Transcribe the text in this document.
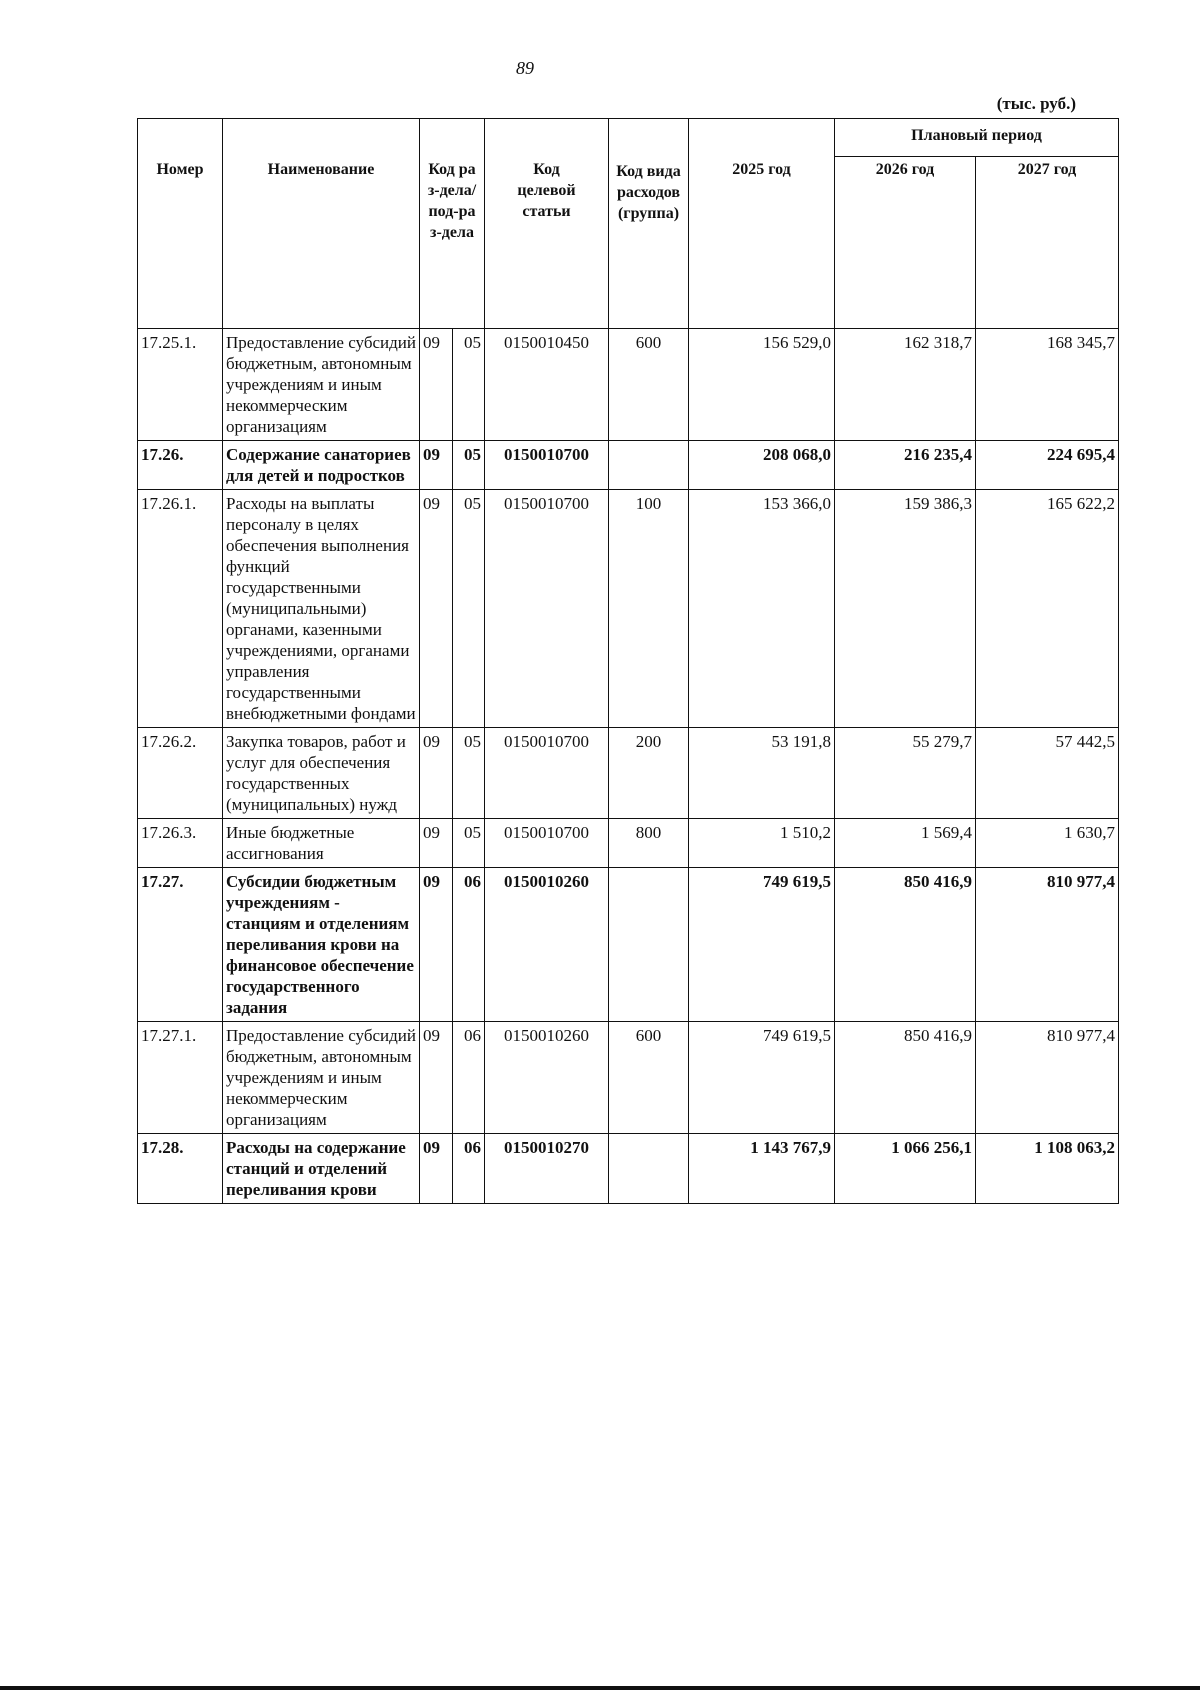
89
(тыс. руб.)
Номер	Наименование	Код раз-дела/ под-раз-дела		Код целевой статьи	Код вида расходов (группа)	2025 год	Плановый период	
							2026 год	2027 год
17.25.1.	Предоставление субсидий бюджетным, автономным учреждениям и иным некоммерческим организациям	09	05	0150010450	600	156 529,0	162 318,7	168 345,7
17.26.	Содержание санаториев для детей и подростков	09	05	0150010700		208 068,0	216 235,4	224 695,4
17.26.1.	Расходы на выплаты персоналу в целях обеспечения выполнения функций государственными (муниципальными) органами, казенными учреждениями, органами управления государственными внебюджетными фондами	09	05	0150010700	100	153 366,0	159 386,3	165 622,2
17.26.2.	Закупка товаров, работ и услуг для обеспечения государственных (муниципальных) нужд	09	05	0150010700	200	53 191,8	55 279,7	57 442,5
17.26.3.	Иные бюджетные ассигнования	09	05	0150010700	800	1 510,2	1 569,4	1 630,7
17.27.	Субсидии бюджетным учреждениям - станциям и отделениям переливания крови на финансовое обеспечение государственного задания	09	06	0150010260		749 619,5	850 416,9	810 977,4
17.27.1.	Предоставление субсидий бюджетным, автономным учреждениям и иным некоммерческим организациям	09	06	0150010260	600	749 619,5	850 416,9	810 977,4
17.28.	Расходы на содержание станций и отделений переливания крови	09	06	0150010270		1 143 767,9	1 066 256,1	1 108 063,2
